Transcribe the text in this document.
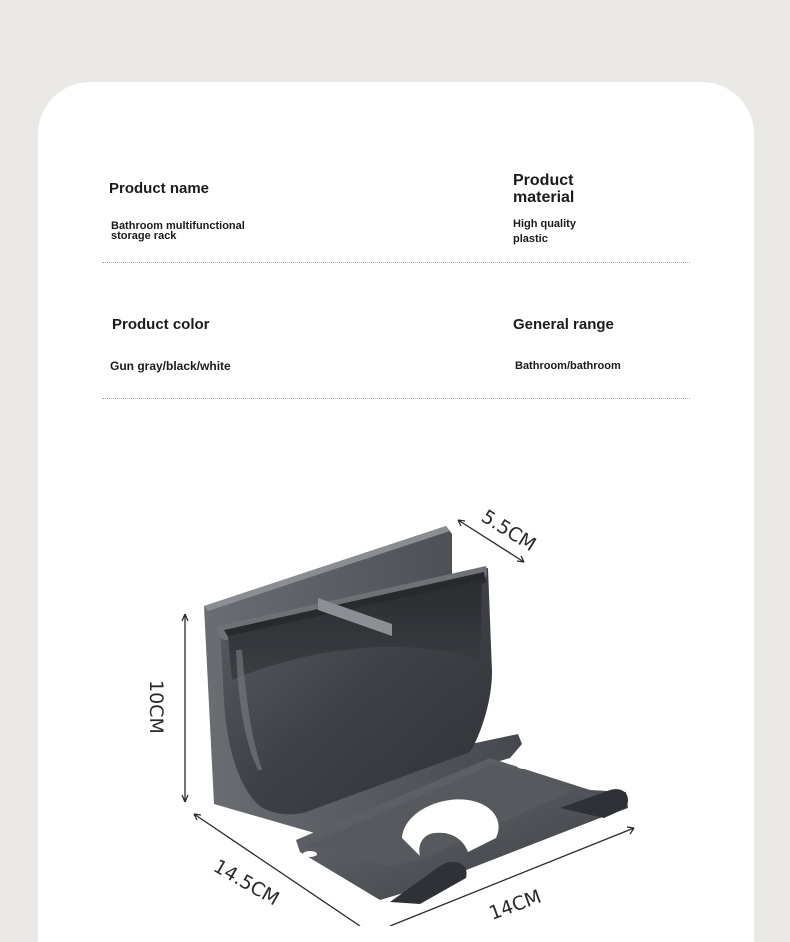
Product name
Bathroom multifunctional
storage rack
Product
material
High quality
plastic
Product color
Gun gray/black/white
General range
Bathroom/bathroom
5.5CM
10CM
14.5CM	14CM
